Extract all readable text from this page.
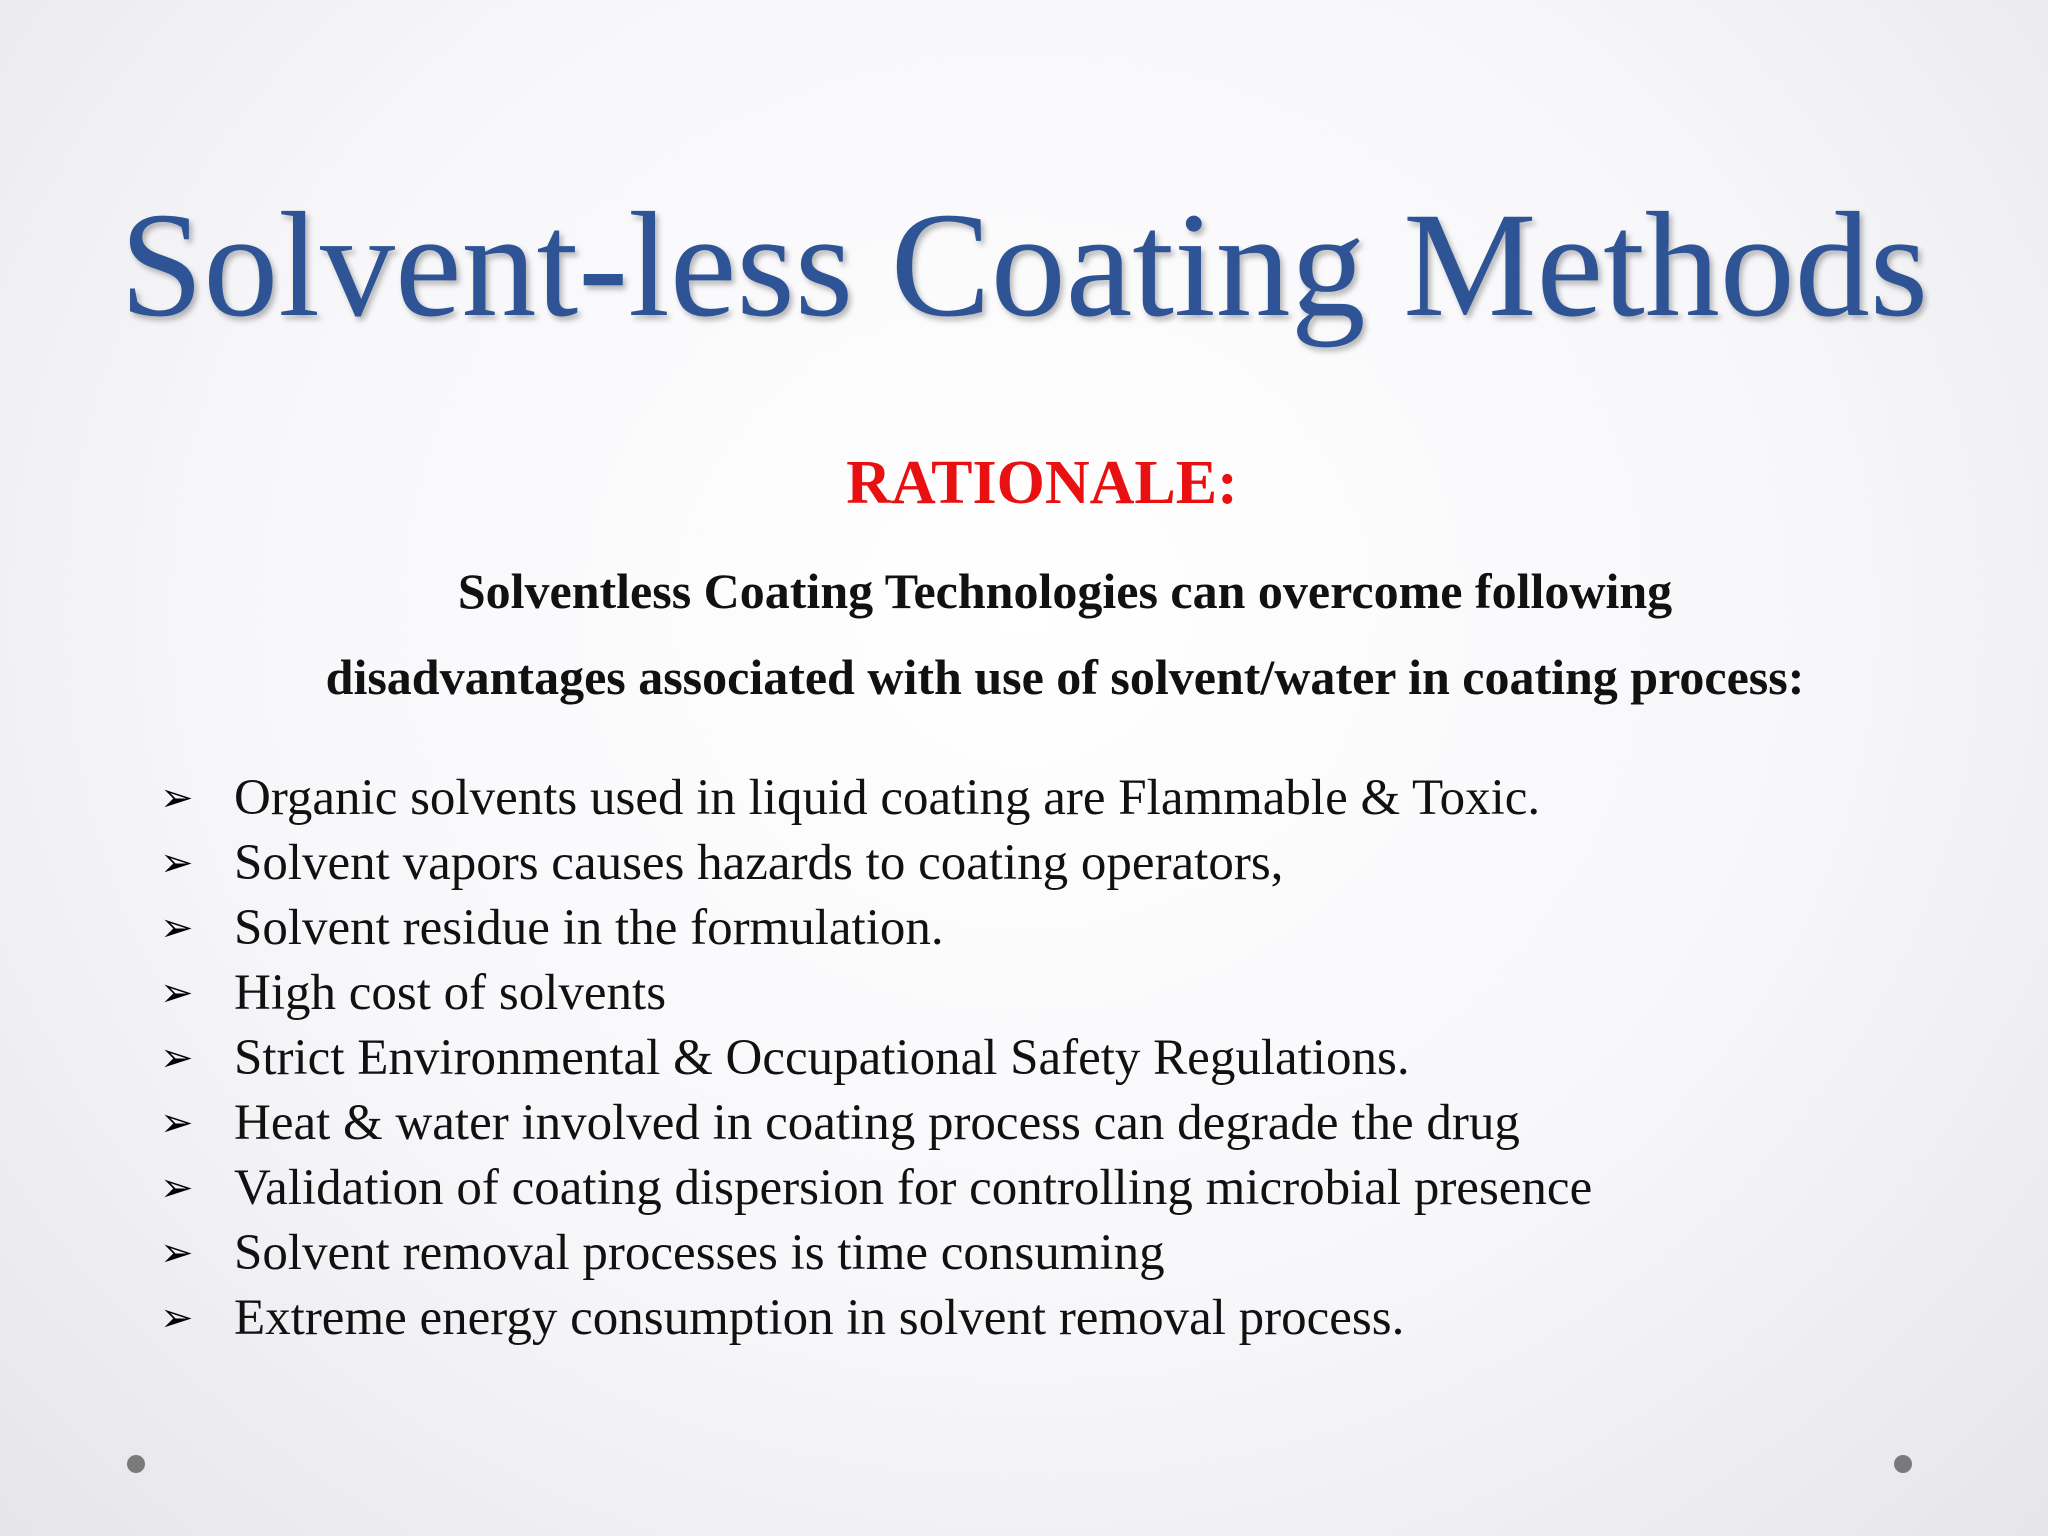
Solvent-less Coating Methods
RATIONALE:

Solventless Coating Technologies can overcome following
disadvantages associated with use of solvent/water in coating process:

➢ Organic solvents used in liquid coating are Flammable & Toxic.
➢ Solvent vapors causes hazards to coating operators,
➢ Solvent residue in the formulation.
➢ High cost of solvents
➢ Strict Environmental & Occupational Safety Regulations.
➢ Heat & water involved in coating process can degrade the drug
➢ Validation of coating dispersion for controlling microbial presence
➢ Solvent removal processes is time consuming
➢ Extreme energy consumption in solvent removal process.
